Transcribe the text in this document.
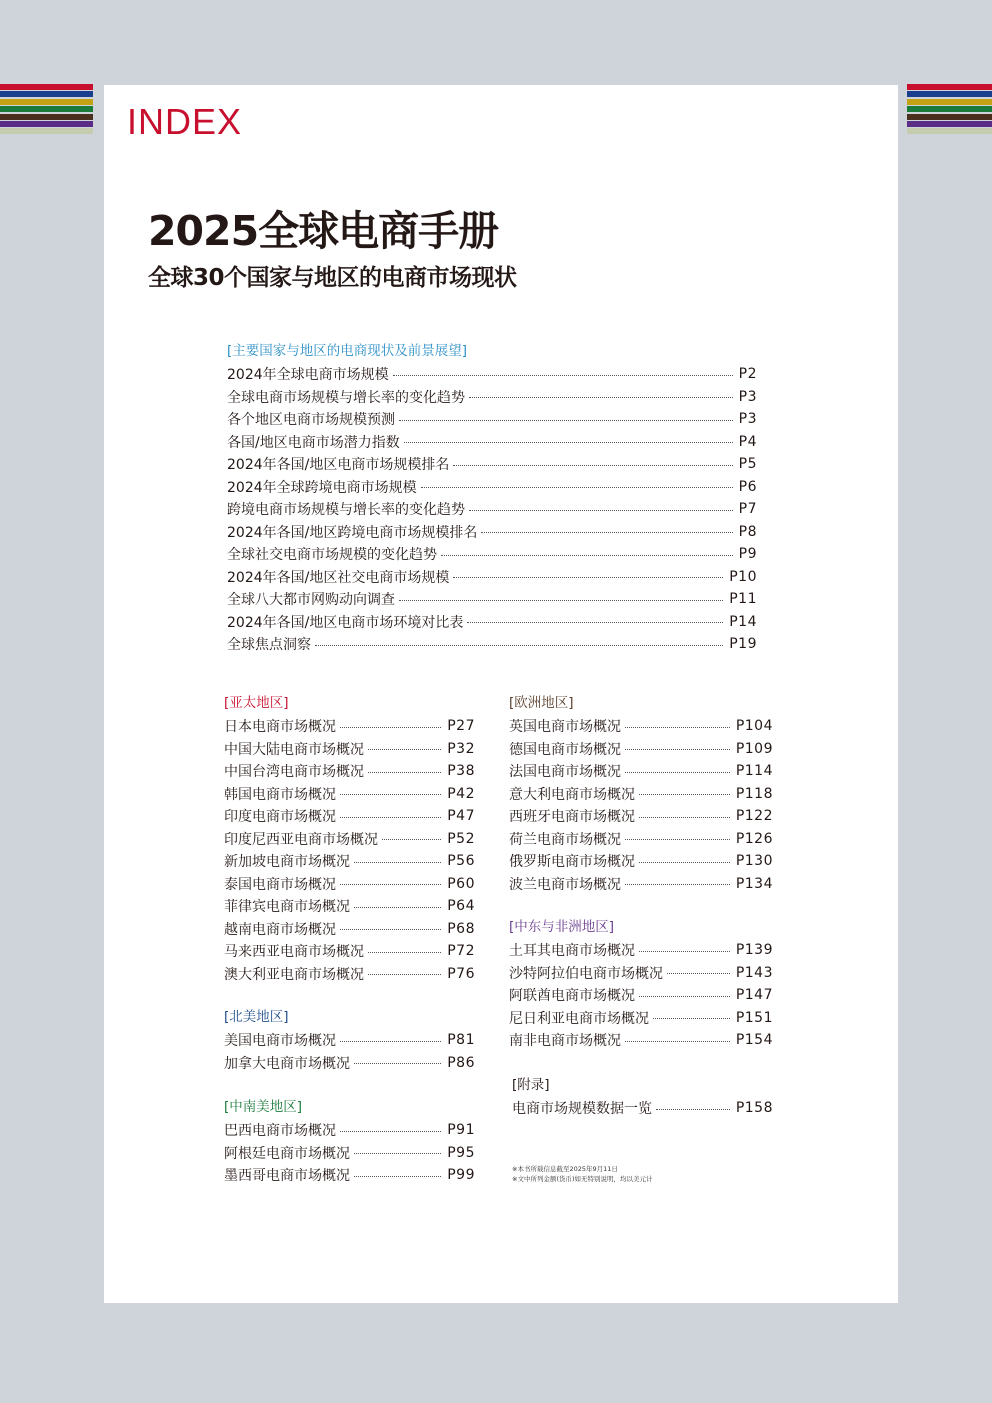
INDEX
2025全球电商手册
全球30个国家与地区的电商市场现状
[主要国家与地区的电商现状及前景展望]
2024年全球电商市场规模	P2
全球电商市场规模与增长率的变化趋势	P3
各个地区电商市场规模预测	P3
各国/地区电商市场潜力指数	P4
2024年各国/地区电商市场规模排名	P5
2024年全球跨境电商市场规模	P6
跨境电商市场规模与增长率的变化趋势	P7
2024年各国/地区跨境电商市场规模排名	P8
全球社交电商市场规模的变化趋势	P9
2024年各国/地区社交电商市场规模	P10
全球八大都市网购动向调查	P11
2024年各国/地区电商市场环境对比表	P14
全球焦点洞察	P19
[亚太地区]
日本电商市场概况	P27
中国大陆电商市场概况	P32
中国台湾电商市场概况	P38
韩国电商市场概况	P42
印度电商市场概况	P47
印度尼西亚电商市场概况	P52
新加坡电商市场概况	P56
泰国电商市场概况	P60
菲律宾电商市场概况	P64
越南电商市场概况	P68
马来西亚电商市场概况	P72
澳大利亚电商市场概况	P76
[北美地区]
美国电商市场概况	P81
加拿大电商市场概况	P86
[中南美地区]
巴西电商市场概况	P91
阿根廷电商市场概况	P95
墨西哥电商市场概况	P99
[欧洲地区]
英国电商市场概况	P104
德国电商市场概况	P109
法国电商市场概况	P114
意大利电商市场概况	P118
西班牙电商市场概况	P122
荷兰电商市场概况	P126
俄罗斯电商市场概况	P130
波兰电商市场概况	P134
[中东与非洲地区]
土耳其电商市场概况	P139
沙特阿拉伯电商市场概况	P143
阿联酋电商市场概况	P147
尼日利亚电商市场概况	P151
南非电商市场概况	P154
[附录]
电商市场规模数据一览	P158
※本书所载信息截至2025年9月11日
※文中所列金额(货币)如无特别说明，均以美元计
